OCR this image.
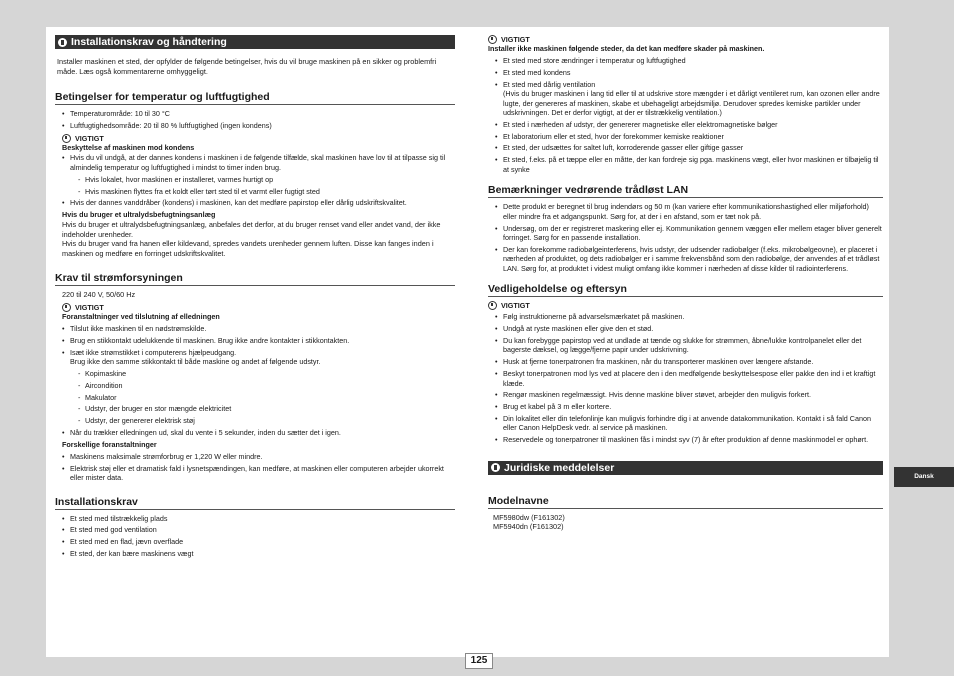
Installationskrav og håndtering
Installer maskinen et sted, der opfylder de følgende betingelser, hvis du vil bruge maskinen på en sikker og problemfri måde. Læs også kommentarerne omhyggeligt.
Betingelser for temperatur og luftfugtighed
• Temperaturområde: 10 til 30 °C
• Luftfugtighedsområde: 20 til 80 % luftfugtighed (ingen kondens)
VIGTIGT
Beskyttelse af maskinen mod kondens
• Hvis du vil undgå, at der dannes kondens i maskinen i de følgende tilfælde, skal maskinen have lov til at tilpasse sig til almindelig temperatur og luftfugtighed i mindst to timer inden brug.
- Hvis lokalet, hvor maskinen er installeret, varmes hurtigt op
- Hvis maskinen flyttes fra et koldt eller tørt sted til et varmt eller fugtigt sted
• Hvis der dannes vanddråber (kondens) i maskinen, kan det medføre papirstop eller dårlig udskriftskvalitet.
Hvis du bruger et ultralydsbefugtningsanlæg
Hvis du bruger et ultralydsbefugtningsanlæg, anbefales det derfor, at du bruger renset vand eller andet vand, der ikke indeholder urenheder.
Hvis du bruger vand fra hanen eller kildevand, spredes vandets urenheder gennem luften. Disse kan fanges inden i maskinen og medføre en forringet udskriftskvalitet.
Krav til strømforsyningen
220 til 240 V, 50/60 Hz
VIGTIGT
Foranstaltninger ved tilslutning af elledningen
• Tilslut ikke maskinen til en nødstrømskilde.
• Brug en stikkontakt udelukkende til maskinen. Brug ikke andre kontakter i stikkontakten.
• Isæt ikke strømstikket i computerens hjælpeudgang.
Brug ikke den samme stikkontakt til både maskine og andet af følgende udstyr.
- Kopimaskine
- Aircondition
- Makulator
- Udstyr, der bruger en stor mængde elektricitet
- Udstyr, der genererer elektrisk støj
• Når du trækker elledningen ud, skal du vente i 5 sekunder, inden du sætter det i igen.
Forskellige foranstaltninger
• Maskinens maksimale strømforbrug er 1,220 W eller mindre.
• Elektrisk støj eller et dramatisk fald i lysnetspændingen, kan medføre, at maskinen eller computeren arbejder ukorrekt eller mister data.
Installationskrav
• Et sted med tilstrækkelig plads
• Et sted med god ventilation
• Et sted med en flad, jævn overflade
• Et sted, der kan bære maskinens vægt
VIGTIGT
Installer ikke maskinen følgende steder, da det kan medføre skader på maskinen.
• Et sted med store ændringer i temperatur og luftfugtighed
• Et sted med kondens
• Et sted med dårlig ventilation
(Hvis du bruger maskinen i lang tid eller til at udskrive store mængder i et dårligt ventileret rum, kan ozonen eller andre lugte, der genereres af maskinen, skabe et ubehageligt arbejdsmiljø. Derudover spredes kemiske partikler under udskrivningen. Det er derfor vigtigt, at der er tilstrækkelig ventilation.)
• Et sted i nærheden af udstyr, der genererer magnetiske eller elektromagnetiske bølger
• Et laboratorium eller et sted, hvor der forekommer kemiske reaktioner
• Et sted, der udsættes for saltet luft, korroderende gasser eller giftige gasser
• Et sted, f.eks. på et tæppe eller en måtte, der kan fordreje sig pga. maskinens vægt, eller hvor maskinen er tilbøjelig til at synke
Bemærkninger vedrørende trådløst LAN
• Dette produkt er beregnet til brug indendørs og 50 m (kan variere efter kommunikationshastighed eller miljøforhold) eller mindre fra et adgangspunkt. Sørg for, at der i en afstand, som er tæt nok på.
• Undersøg, om der er registreret maskering eller ej. Kommunikation gennem væggen eller mellem etager bliver generelt forringet. Sørg for en passende installation.
• Der kan forekomme radiobølgeinterferens, hvis udstyr, der udsender radiobølger (f.eks. mikrobølgeovne), er placeret i nærheden af produktet, og dets radiobølger er i samme frekvensbånd som den radiobølge, der anvendes af et trådløst LAN. Sørg for, at produktet i videst muligt omfang ikke kommer i nærheden af disse kilder til radiointerferens.
Vedligeholdelse og eftersyn
VIGTIGT
• Følg instruktionerne på advarselsmærkatet på maskinen.
• Undgå at ryste maskinen eller give den et stød.
• Du kan forebygge papirstop ved at undlade at tænde og slukke for strømmen, åbne/lukke kontrolpanelet eller det bagerste dæksel, og lægge/fjerne papir under udskrivning.
• Husk at fjerne tonerpatronen fra maskinen, når du transporterer maskinen over længere afstande.
• Beskyt tonerpatronen mod lys ved at placere den i den medfølgende beskyttelsespose eller pakke den ind i et kraftigt klæde.
• Rengør maskinen regelmæssigt. Hvis denne maskine bliver støvet, arbejder den muligvis forkert.
• Brug et kabel på 3 m eller kortere.
• Din lokalitet eller din telefonlinje kan muligvis forhindre dig i at anvende datakommunikation. Kontakt i så fald Canon eller Canon HelpDesk vedr. al service på maskinen.
• Reservedele og tonerpatroner til maskinen fås i mindst syv (7) år efter produktion af denne maskinmodel er ophørt.
Juridiske meddelelser
Modelnavne
MF5980dw (F161302)
MF5940dn (F161302)
125
Dansk
